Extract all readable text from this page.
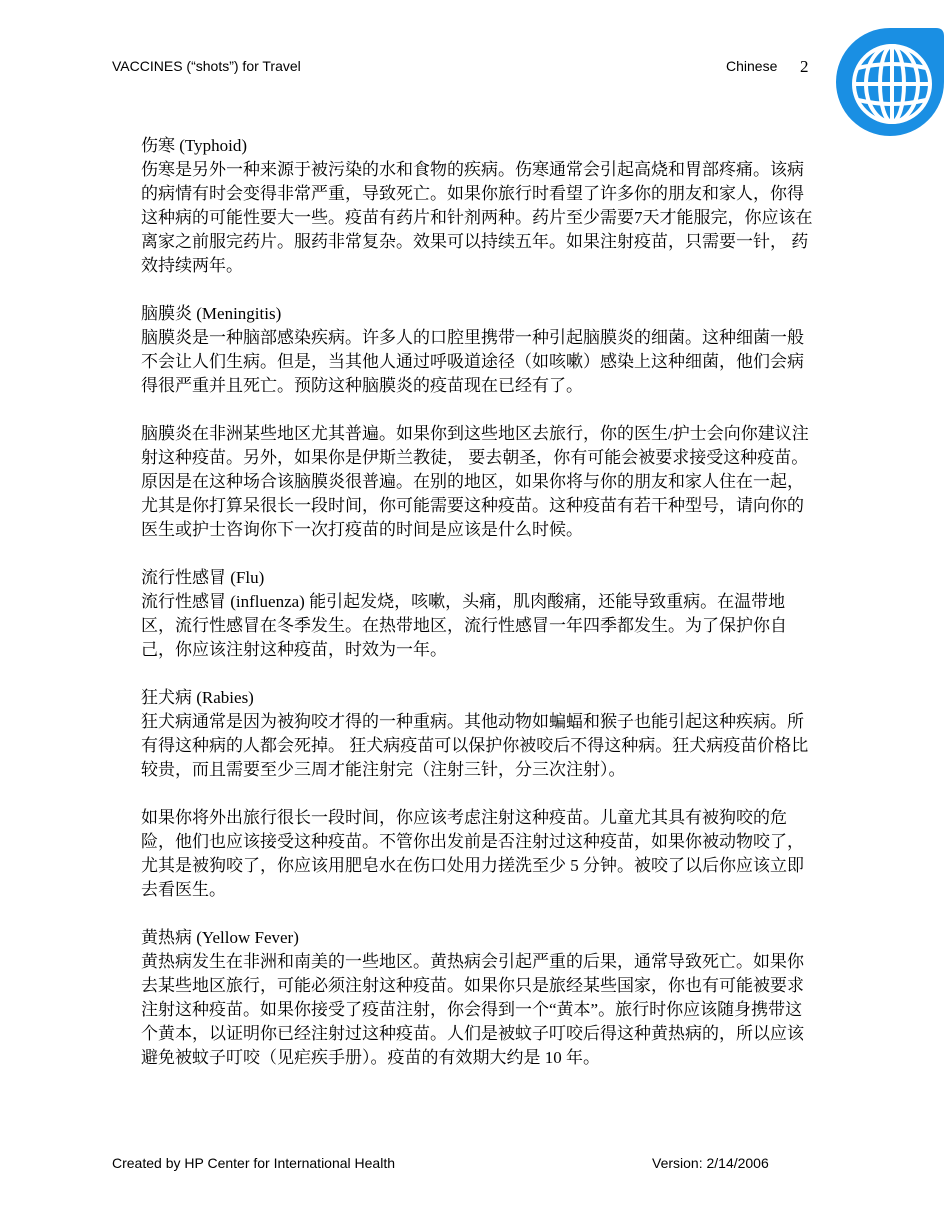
VACCINES (“shots”) for Travel	Chinese 2
伤寒 (Typhoid)

伤寒是另外一种来源于被污染的水和食物的疾病。伤寒通常会引起高烧和胃部疼痛。该病的病情有时会变得非常严重，导致死亡。如果你旅行时看望了许多你的朋友和家人，你得这种病的可能性要大一些。疫苗有药片和针剂两种。药片至少需要7天才能服完，你应该在离家之前服完药片。服药非常复杂。效果可以持续五年。如果注射疫苗，只需要一针， 药效持续两年。

脑膜炎 (Meningitis)

脑膜炎是一种脑部感染疾病。许多人的口腔里携带一种引起脑膜炎的细菌。这种细菌一般不会让人们生病。但是，当其他人通过呼吸道途径（如咳嗽）感染上这种细菌，他们会病得很严重并且死亡。预防这种脑膜炎的疫苗现在已经有了。

脑膜炎在非洲某些地区尤其普遍。如果你到这些地区去旅行，你的医生/护士会向你建议注射这种疫苗。另外，如果你是伊斯兰教徒， 要去朝圣，你有可能会被要求接受这种疫苗。原因是在这种场合该脑膜炎很普遍。在别的地区，如果你将与你的朋友和家人住在一起，尤其是你打算呆很长一段时间，你可能需要这种疫苗。这种疫苗有若干种型号，请向你的医生或护士咨询你下一次打疫苗的时间是应该是什么时候。

流行性感冒 (Flu)

流行性感冒 (influenza) 能引起发烧，咳嗽，头痛，肌肉酸痛，还能导致重病。在温带地区，流行性感冒在冬季发生。在热带地区，流行性感冒一年四季都发生。为了保护你自己，你应该注射这种疫苗，时效为一年。

狂犬病 (Rabies)

狂犬病通常是因为被狗咬才得的一种重病。其他动物如蝙蝠和猴子也能引起这种疾病。所有得这种病的人都会死掉。 狂犬病疫苗可以保护你被咬后不得这种病。狂犬病疫苗价格比较贵，而且需要至少三周才能注射完（注射三针，分三次注射）。

如果你将外出旅行很长一段时间，你应该考虑注射这种疫苗。儿童尤其具有被狗咬的危险，他们也应该接受这种疫苗。不管你出发前是否注射过这种疫苗，如果你被动物咬了， 尤其是被狗咬了，你应该用肥皂水在伤口处用力搓洗至少 5 分钟。被咬了以后你应该立即去看医生。

黄热病 (Yellow Fever)

黄热病发生在非洲和南美的一些地区。黄热病会引起严重的后果，通常导致死亡。如果你去某些地区旅行，可能必须注射这种疫苗。如果你只是旅经某些国家，你也有可能被要求注射这种疫苗。如果你接受了疫苗注射，你会得到一个“黄本”。旅行时你应该随身携带这个黄本，以证明你已经注射过这种疫苗。人们是被蚊子叮咬后得这种黄热病的，所以应该避免被蚊子叮咬（见疟疾手册）。疫苗的有效期大约是 10 年。

Created by HP Center for International Health	Version: 2/14/2006
